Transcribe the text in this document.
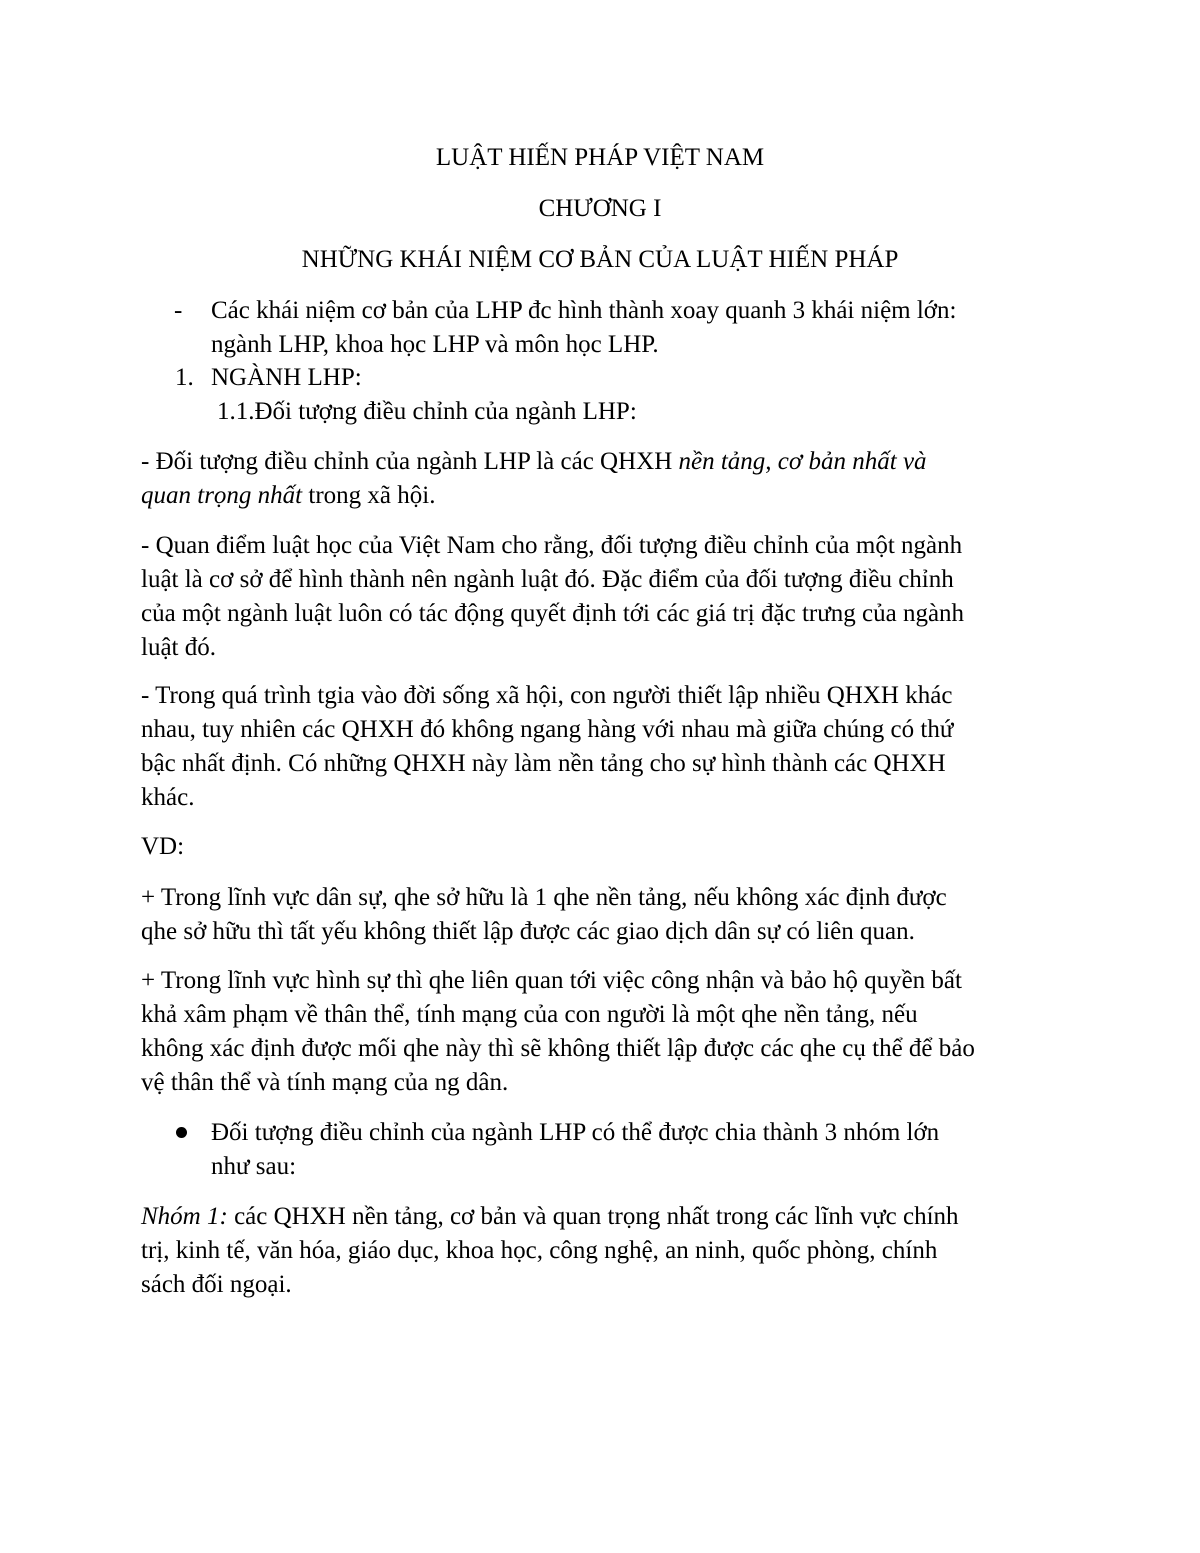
LUẬT HIẾN PHÁP VIỆT NAM
CHƯƠNG I
NHỮNG KHÁI NIỆM CƠ BẢN CỦA LUẬT HIẾN PHÁP
- Các khái niệm cơ bản của LHP đc hình thành xoay quanh 3 khái niệm lớn:
ngành LHP, khoa học LHP và môn học LHP.
1. NGÀNH LHP:
1.1.Đối tượng điều chỉnh của ngành LHP:
- Đối tượng điều chỉnh của ngành LHP là các QHXH nền tảng, cơ bản nhất và
quan trọng nhất trong xã hội.
- Quan điểm luật học của Việt Nam cho rằng, đối tượng điều chỉnh của một ngành
luật là cơ sở để hình thành nên ngành luật đó. Đặc điểm của đối tượng điều chỉnh
của một ngành luật luôn có tác động quyết định tới các giá trị đặc trưng của ngành
luật đó.
- Trong quá trình tgia vào đời sống xã hội, con người thiết lập nhiều QHXH khác
nhau, tuy nhiên các QHXH đó không ngang hàng với nhau mà giữa chúng có thứ
bậc nhất định. Có những QHXH này làm nền tảng cho sự hình thành các QHXH
khác.
VD:
+ Trong lĩnh vực dân sự, qhe sở hữu là 1 qhe nền tảng, nếu không xác định được
qhe sở hữu thì tất yếu không thiết lập được các giao dịch dân sự có liên quan.
+ Trong lĩnh vực hình sự thì qhe liên quan tới việc công nhận và bảo hộ quyền bất
khả xâm phạm về thân thể, tính mạng của con người là một qhe nền tảng, nếu
không xác định được mối qhe này thì sẽ không thiết lập được các qhe cụ thể để bảo
vệ thân thể và tính mạng của ng dân.
Đối tượng điều chỉnh của ngành LHP có thể được chia thành 3 nhóm lớn
như sau:
Nhóm 1: các QHXH nền tảng, cơ bản và quan trọng nhất trong các lĩnh vực chính
trị, kinh tế, văn hóa, giáo dục, khoa học, công nghệ, an ninh, quốc phòng, chính
sách đối ngoại.
